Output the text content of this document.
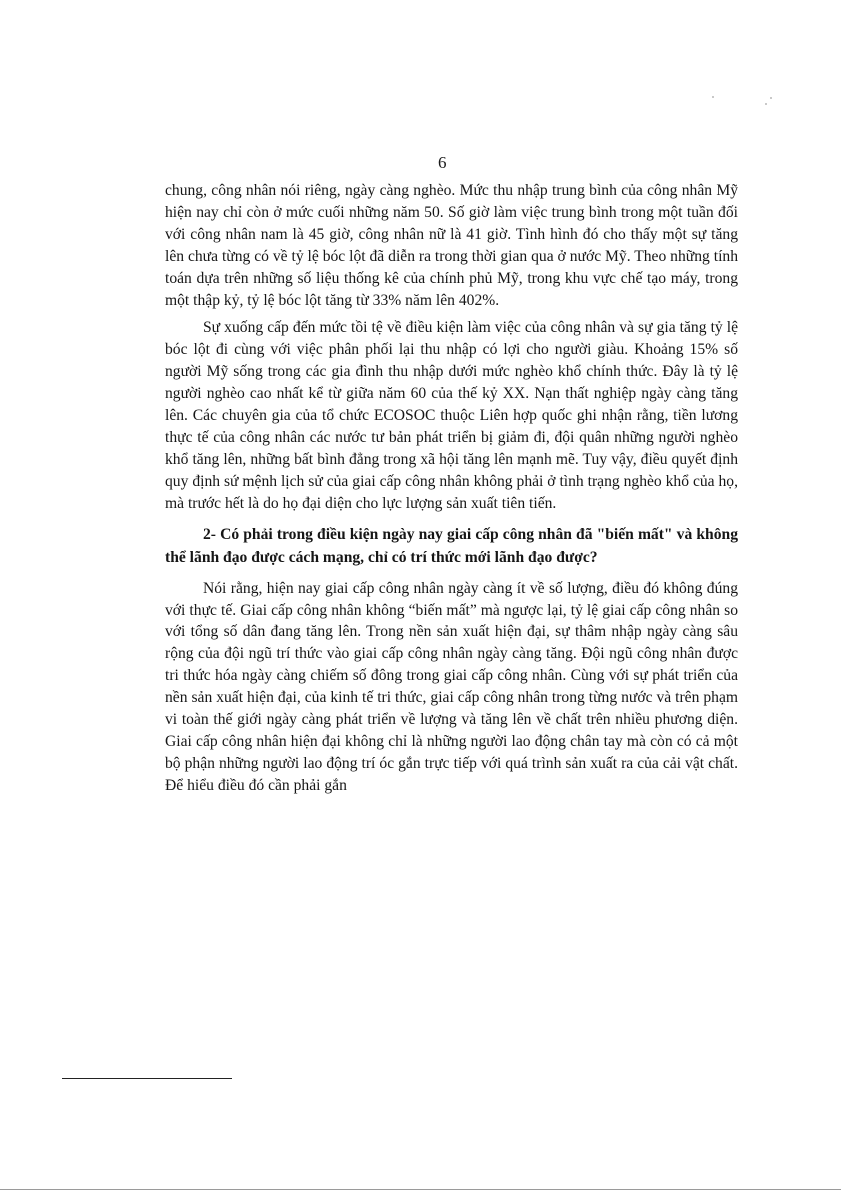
6

chung, công nhân nói riêng, ngày càng nghèo. Mức thu nhập trung bình của công nhân Mỹ hiện nay chỉ còn ở mức cuối những năm 50. Số giờ làm việc trung bình trong một tuần đối với công nhân nam là 45 giờ, công nhân nữ là 41 giờ. Tình hình đó cho thấy một sự tăng lên chưa từng có về tỷ lệ bóc lột đã diễn ra trong thời gian qua ở nước Mỹ. Theo những tính toán dựa trên những số liệu thống kê của chính phủ Mỹ, trong khu vực chế tạo máy, trong một thập kỷ, tỷ lệ bóc lột tăng từ 33% năm lên 402%.

Sự xuống cấp đến mức tồi tệ về điều kiện làm việc của công nhân và sự gia tăng tỷ lệ bóc lột đi cùng với việc phân phối lại thu nhập có lợi cho người giàu. Khoảng 15% số người Mỹ sống trong các gia đình thu nhập dưới mức nghèo khổ chính thức. Đây là tỷ lệ người nghèo cao nhất kể từ giữa năm 60 của thế kỷ XX. Nạn thất nghiệp ngày càng tăng lên. Các chuyên gia của tổ chức ECOSOC thuộc Liên hợp quốc ghi nhận rằng, tiền lương thực tế của công nhân các nước tư bản phát triển bị giảm đi, đội quân những người nghèo khổ tăng lên, những bất bình đẳng trong xã hội tăng lên mạnh mẽ. Tuy vậy, điều quyết định quy định sứ mệnh lịch sử của giai cấp công nhân không phải ở tình trạng nghèo khổ của họ, mà trước hết là do họ đại diện cho lực lượng sản xuất tiên tiến.

2- Có phải trong điều kiện ngày nay giai cấp công nhân đã "biến mất" và không thể lãnh đạo được cách mạng, chỉ có trí thức mới lãnh đạo được?

Nói rằng, hiện nay giai cấp công nhân ngày càng ít về số lượng, điều đó không đúng với thực tế. Giai cấp công nhân không “biến mất” mà ngược lại, tỷ lệ giai cấp công nhân so với tổng số dân đang tăng lên. Trong nền sản xuất hiện đại, sự thâm nhập ngày càng sâu rộng của đội ngũ trí thức vào giai cấp công nhân ngày càng tăng. Đội ngũ công nhân được tri thức hóa ngày càng chiếm số đông trong giai cấp công nhân. Cùng với sự phát triển của nền sản xuất hiện đại, của kinh tế tri thức, giai cấp công nhân trong từng nước và trên phạm vi toàn thế giới ngày càng phát triển về lượng và tăng lên về chất trên nhiều phương diện. Giai cấp công nhân hiện đại không chỉ là những người lao động chân tay mà còn có cả một bộ phận những người lao động trí óc gắn trực tiếp với quá trình sản xuất ra của cải vật chất. Để hiểu điều đó cần phải gắn
